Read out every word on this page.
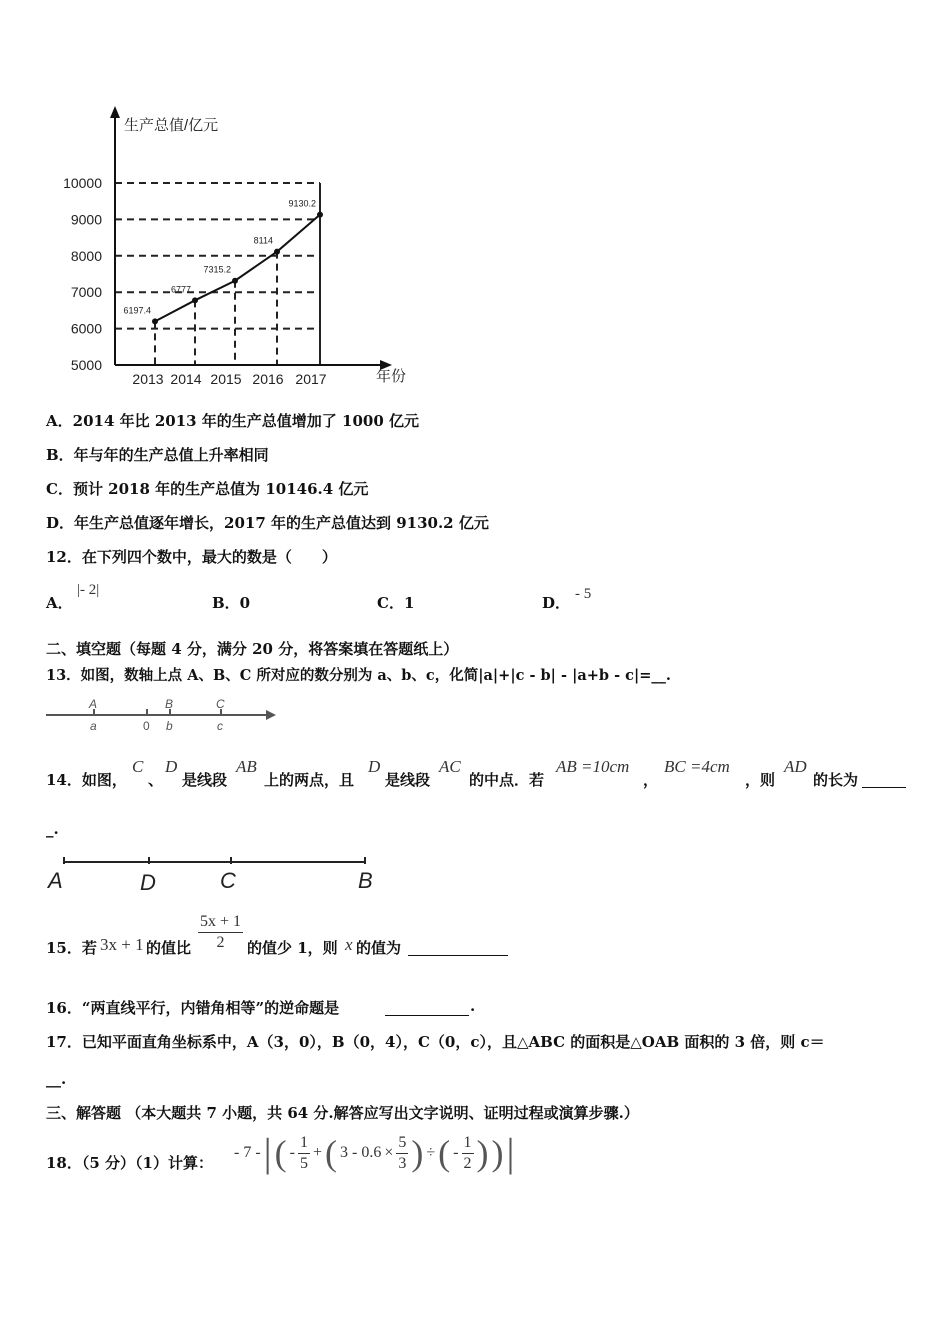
生产总值/亿元
年份
5000
6000
7000
8000
9000
10000
6197.4
2013
6777
2014
7315.2
2015
8114
2016
9130.2
2017
A．2014 年比 2013 年的生产总值增加了 1000 亿元
B．年与年的生产总值上升率相同
C．预计 2018 年的生产总值为 10146.4 亿元
D．年生产总值逐年增长，2017 年的生产总值达到 9130.2 亿元
12．在下列四个数中，最大的数是（　　）
A．
|- 2|
B．0	C．1	D． - 5
二、填空题（每题 4 分，满分 20 分，将答案填在答题纸上）
13．如图，数轴上点 A、B、C 所对应的数分别为 a、b、c，化简|a|+|c - b| - |a+b - c|=__.
A	B	C
a	0 b	c
14．如图，
C
、
D
是线段
AB
上的两点，且
D
是线段
AC
的中点．若
AB =10cm
，
BC =4cm
，则
AD
的长为
_.
A	D	C	B
15．若 3x + 1 的值比 $\frac{5x + 1}{2}$ 的值少 1，则 x 的值为
16．“两直线平行，内错角相等”的逆命题是	.
17．已知平面直角坐标系中，A（3，0），B（0，4），C（0，c），且△ABC 的面积是△OAB 面积的 3 倍，则 c＝
__.
三、解答题 （本大题共 7 小题，共 64 分.解答应写出文字说明、证明过程或演算步骤.）
18．（5 分）（1）计算：
- 7 - | ( - $\frac{1}{5}$ + ( $3 - 0.6 \times \frac{5}{3}$ ) ÷ ( - $\frac{1}{2}$ ) ) |
